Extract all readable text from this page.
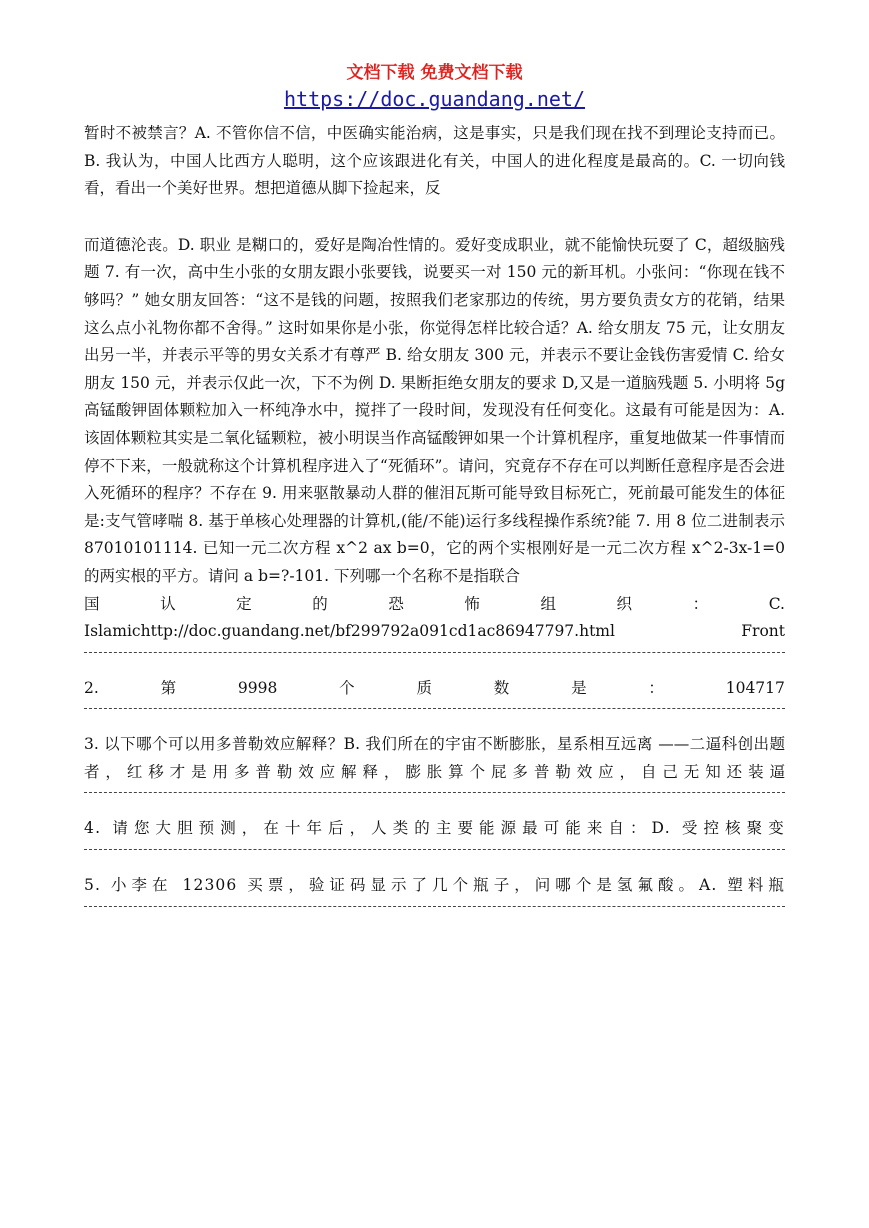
文档下载 免费文档下载
https://doc.guandang.net/

暂时不被禁言？A. 不管你信不信，中医确实能治病，这是事实，只是我们现在找不到理论支持而已。B. 我认为，中国人比西方人聪明，这个应该跟进化有关，中国人的进化程度是最高的。C. 一切向钱看，看出一个美好世界。想把道德从脚下捡起来，反

而道德沦丧。D. 职业 是糊口的，爱好是陶冶性情的。爱好变成职业，就不能愉快玩耍了 C，超级脑残题 7. 有一次，高中生小张的女朋友跟小张要钱，说要买一对 150 元的新耳机。小张问：“你现在钱不够吗？” 她女朋友回答：“这不是钱的问题，按照我们老家那边的传统，男方要负责女方的花销，结果这么点小礼物你都不舍得。” 这时如果你是小张，你觉得怎样比较合适？A. 给女朋友 75 元，让女朋友出另一半，并表示平等的男女关系才有尊严 B. 给女朋友 300 元，并表示不要让金钱伤害爱情 C. 给女朋友 150 元，并表示仅此一次，下不为例 D. 果断拒绝女朋友的要求 D,又是一道脑残题 5. 小明将 5g 高锰酸钾固体颗粒加入一杯纯净水中，搅拌了一段时间，发现没有任何变化。这最有可能是因为：A. 该固体颗粒其实是二氧化锰颗粒，被小明误当作高锰酸钾如果一个计算机程序，重复地做某一件事情而停不下来，一般就称这个计算机程序进入了“死循环”。请问，究竟存不存在可以判断任意程序是否会进入死循环的程序？不存在 9. 用来驱散暴动人群的催泪瓦斯可能导致目标死亡，死前最可能发生的体征是:支气管哮喘 8. 基于单核心处理器的计算机,(能/不能)运行多线程操作系统?能 7. 用 8 位二进制表示 87010101114. 已知一元二次方程 x^2 ax b=0，它的两个实根刚好是一元二次方程 x^2-3x-1=0 的两实根的平方。请问 a b=?-101. 下列哪一个名称不是指联合

国	认	定	的	恐	怖	组	织	：	C.
Islamichttp://doc.guandang.net/bf299792a091cd1ac86947797.html	Front
2.	第	9998	个	质	数	是	：	104717

3. 以下哪个可以用多普勒效应解释？B. 我们所在的宇宙不断膨胀，星系相互远离 ——二逼科创出题者，红移才是用多普勒效应解释，膨胀算个屁多普勒效应，自己无知还装逼

4. 请您大胆预测，在十年后，人类的主要能源最可能来自：D. 受控核聚变

5. 小李在 12306 买票，验证码显示了几个瓶子，问哪个是氢氟酸。A. 塑料瓶
